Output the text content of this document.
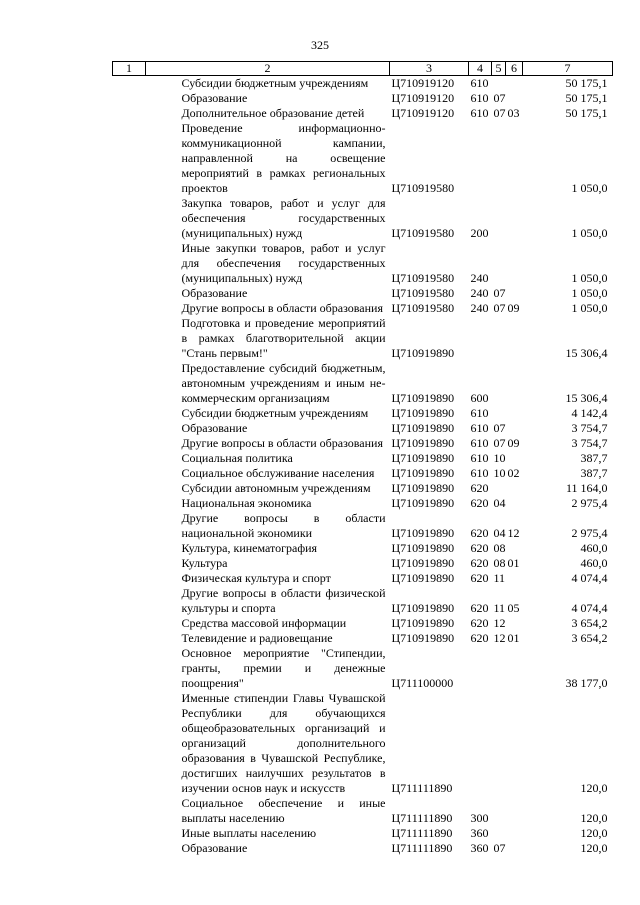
325
1	2	3	4	5	6	7
	Субсидии бюджетным учреждениям	Ц710919120	610			50 175,1
	Образование	Ц710919120	610	07		50 175,1
	Дополнительное образование детей	Ц710919120	610	07	03	50 175,1
	Проведение информационно-коммуникационной кампании, направленной на освещение мероприятий в рамках региональных проектов	Ц710919580				1 050,0
	Закупка товаров, работ и услуг для обеспечения государственных (муниципальных) нужд	Ц710919580	200			1 050,0
	Иные закупки товаров, работ и услуг для обеспечения государственных (муниципальных) нужд	Ц710919580	240			1 050,0
	Образование	Ц710919580	240	07		1 050,0
	Другие вопросы в области образования	Ц710919580	240	07	09	1 050,0
	Подготовка и проведение мероприятий в рамках благотворительной акции "Стань первым!"	Ц710919890				15 306,4
	Предоставление субсидий бюджетным, автономным учреждениям и иным некоммерческим организациям	Ц710919890	600			15 306,4
	Субсидии бюджетным учреждениям	Ц710919890	610			4 142,4
	Образование	Ц710919890	610	07		3 754,7
	Другие вопросы в области образования	Ц710919890	610	07	09	3 754,7
	Социальная политика	Ц710919890	610	10		387,7
	Социальное обслуживание населения	Ц710919890	610	10	02	387,7
	Субсидии автономным учреждениям	Ц710919890	620			11 164,0
	Национальная экономика	Ц710919890	620	04		2 975,4
	Другие вопросы в области национальной экономики	Ц710919890	620	04	12	2 975,4
	Культура, кинематография	Ц710919890	620	08		460,0
	Культура	Ц710919890	620	08	01	460,0
	Физическая культура и спорт	Ц710919890	620	11		4 074,4
	Другие вопросы в области физической культуры и спорта	Ц710919890	620	11	05	4 074,4
	Средства массовой информации	Ц710919890	620	12		3 654,2
	Телевидение и радиовещание	Ц710919890	620	12	01	3 654,2
	Основное мероприятие "Стипендии, гранты, премии и денежные поощрения"	Ц711100000				38 177,0
	Именные стипендии Главы Чувашской Республики для обучающихся общеобразовательных организаций и организаций дополнительного образования в Чувашской Республике, достигших наилучших результатов в изучении основ наук и искусств	Ц711111890				120,0
	Социальное обеспечение и иные выплаты населению	Ц711111890	300			120,0
	Иные выплаты населению	Ц711111890	360			120,0
	Образование	Ц711111890	360	07		120,0
